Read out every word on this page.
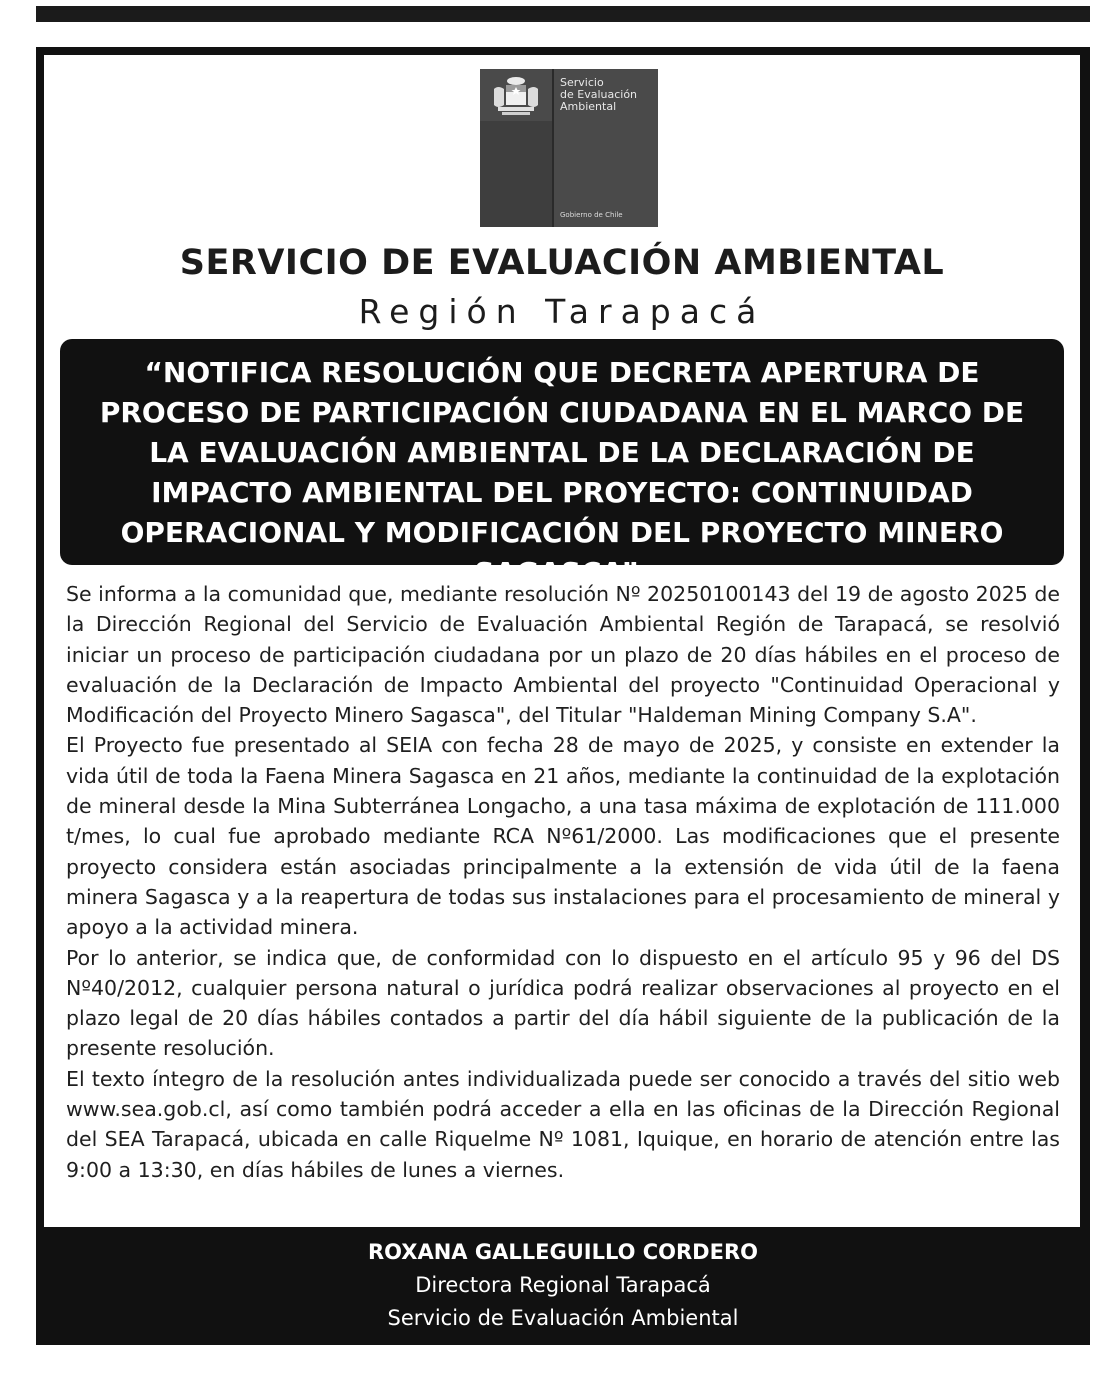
Servicio
de Evaluación
Ambiental
Gobierno de Chile
SERVICIO DE EVALUACIÓN AMBIENTAL
Región Tarapacá
“NOTIFICA RESOLUCIÓN QUE DECRETA APERTURA DE PROCESO DE PARTICIPACIÓN CIUDADANA EN EL MARCO DE LA EVALUACIÓN AMBIENTAL DE LA DECLARACIÓN DE IMPACTO AMBIENTAL DEL PROYECTO: CONTINUIDAD OPERACIONAL Y MODIFICACIÓN DEL PROYECTO MINERO SAGASCA”.

Se informa a la comunidad que, mediante resolución Nº 20250100143 del 19 de agosto 2025 de la Dirección Regional del Servicio de Evaluación Ambiental Región de Tarapacá, se resolvió iniciar un proceso de participación ciudadana por un plazo de 20 días hábiles en el proceso de evaluación de la Declaración de Impacto Ambiental del proyecto "Continuidad Operacional y Modificación del Proyecto Minero Sagasca", del Titular "Haldeman Mining Company S.A".

El Proyecto fue presentado al SEIA con fecha 28 de mayo de 2025, y consiste en extender la vida útil de toda la Faena Minera Sagasca en 21 años, mediante la continuidad de la explotación de mineral desde la Mina Subterránea Longacho, a una tasa máxima de explotación de 111.000 t/mes, lo cual fue aprobado mediante RCA Nº61/2000. Las modificaciones que el presente proyecto considera están asociadas principalmente a la extensión de vida útil de la faena minera Sagasca y a la reapertura de todas sus instalaciones para el procesamiento de mineral y apoyo a la actividad minera.

Por lo anterior, se indica que, de conformidad con lo dispuesto en el artículo 95 y 96 del DS Nº40/2012, cualquier persona natural o jurídica podrá realizar observaciones al proyecto en el plazo legal de 20 días hábiles contados a partir del día hábil siguiente de la publicación de la presente resolución.

El texto íntegro de la resolución antes individualizada puede ser conocido a través del sitio web www.sea.gob.cl, así como también podrá acceder a ella en las oficinas de la Dirección Regional del SEA Tarapacá, ubicada en calle Riquelme Nº 1081, Iquique, en horario de atención entre las 9:00 a 13:30, en días hábiles de lunes a viernes.

ROXANA GALLEGUILLO CORDERO
Directora Regional Tarapacá
Servicio de Evaluación Ambiental
